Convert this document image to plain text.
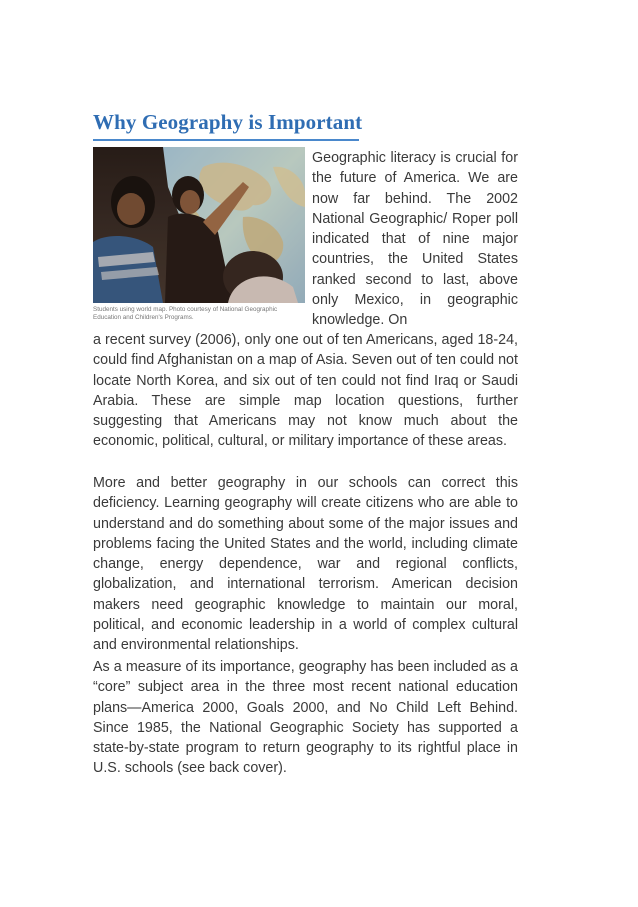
Why Geography is Important
Students using world map. Photo courtesy of National Geographic Education and Children's Programs.

Geographic literacy is crucial for the future of America. We are now far behind. The 2002 National Geographic/ Roper poll indicated that of nine major countries, the United States ranked second to last, above only Mexico, in geographic knowledge. On

a recent survey (2006), only one out of ten Americans, aged 18-24, could find Afghanistan on a map of Asia. Seven out of ten could not locate North Korea, and six out of ten could not find Iraq or Saudi Arabia. These are simple map location questions, further suggesting that Americans may not know much about the economic, political, cultural, or military importance of these areas.

More and better geography in our schools can correct this deficiency. Learning geography will create citizens who are able to understand and do something about some of the major issues and problems facing the United States and the world, including climate change, energy dependence, war and regional conflicts, globalization, and international terrorism. American decision makers need geographic knowledge to maintain our moral, political, and economic leadership in a world of complex cultural and environmental relationships.

As a measure of its importance, geography has been included as a “core” subject area in the three most recent national education plans—America 2000, Goals 2000, and No Child Left Behind. Since 1985, the National Geographic Society has supported a state-by-state program to return geography to its rightful place in U.S. schools (see back cover).
